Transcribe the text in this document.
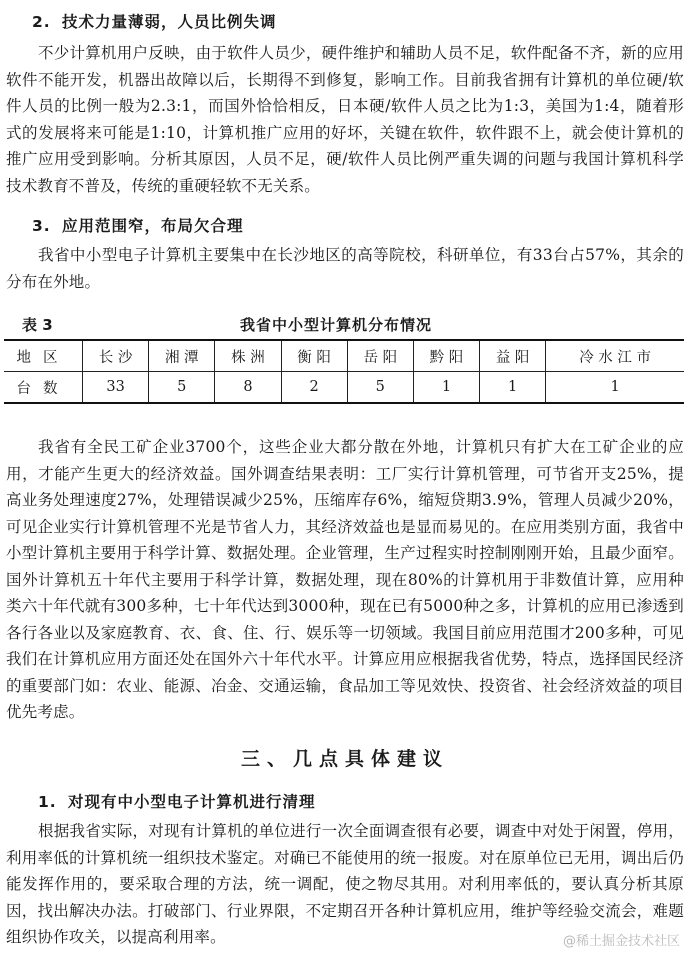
2. 技术力量薄弱，人员比例失调

不少计算机用户反映，由于软件人员少，硬件维护和辅助人员不足，软件配备不齐，新的应用软件不能开发，机器出故障以后，长期得不到修复，影响工作。目前我省拥有计算机的单位硬/软件人员的比例一般为2.3:1，而国外恰恰相反，日本硬/软件人员之比为1:3，美国为1:4，随着形式的发展将来可能是1:10，计算机推广应用的好坏，关键在软件，软件跟不上，就会使计算机的推广应用受到影响。分析其原因，人员不足，硬/软件人员比例严重失调的问题与我国计算机科学技术教育不普及，传统的重硬轻软不无关系。

3. 应用范围窄，布局欠合理

我省中小型电子计算机主要集中在长沙地区的高等院校，科研单位，有33台占57%，其余的分布在外地。

表 3	我省中小型计算机分布情况
地区	长 沙	湘 潭	株 洲	衡 阳	岳 阳	黔 阳	益 阳	冷 水 江 市
台数	33	5	8	2	5	1	1	1

我省有全民工矿企业3700个，这些企业大都分散在外地，计算机只有扩大在工矿企业的应用，才能产生更大的经济效益。国外调查结果表明：工厂实行计算机管理，可节省开支25%，提高业务处理速度27%，处理错误减少25%，压缩库存6%，缩短贷期3.9%，管理人员减少20%，可见企业实行计算机管理不光是节省人力，其经济效益也是显而易见的。在应用类别方面，我省中小型计算机主要用于科学计算、数据处理。企业管理，生产过程实时控制刚刚开始，且最少面窄。国外计算机五十年代主要用于科学计算，数据处理，现在80%的计算机用于非数值计算，应用种类六十年代就有300多种，七十年代达到3000种，现在已有5000种之多，计算机的应用已渗透到各行各业以及家庭教育、衣、食、住、行、娱乐等一切领域。我国目前应用范围才200多种，可见我们在计算机应用方面还处在国外六十年代水平。计算应用应根据我省优势，特点，选择国民经济的重要部门如：农业、能源、冶金、交通运输，食品加工等见效快、投资省、社会经济效益的项目优先考虑。

三、几点具体建议
1. 对现有中小型电子计算机进行清理

根据我省实际，对现有计算机的单位进行一次全面调查很有必要，调查中对处于闲置，停用，利用率低的计算机统一组织技术鉴定。对确已不能使用的统一报废。对在原单位已无用，调出后仍能发挥作用的，要采取合理的方法，统一调配，使之物尽其用。对利用率低的，要认真分析其原因，找出解决办法。打破部门、行业界限，不定期召开各种计算机应用，维护等经验交流会，难题组织协作攻关，以提高利用率。	@稀土掘金技术社区
